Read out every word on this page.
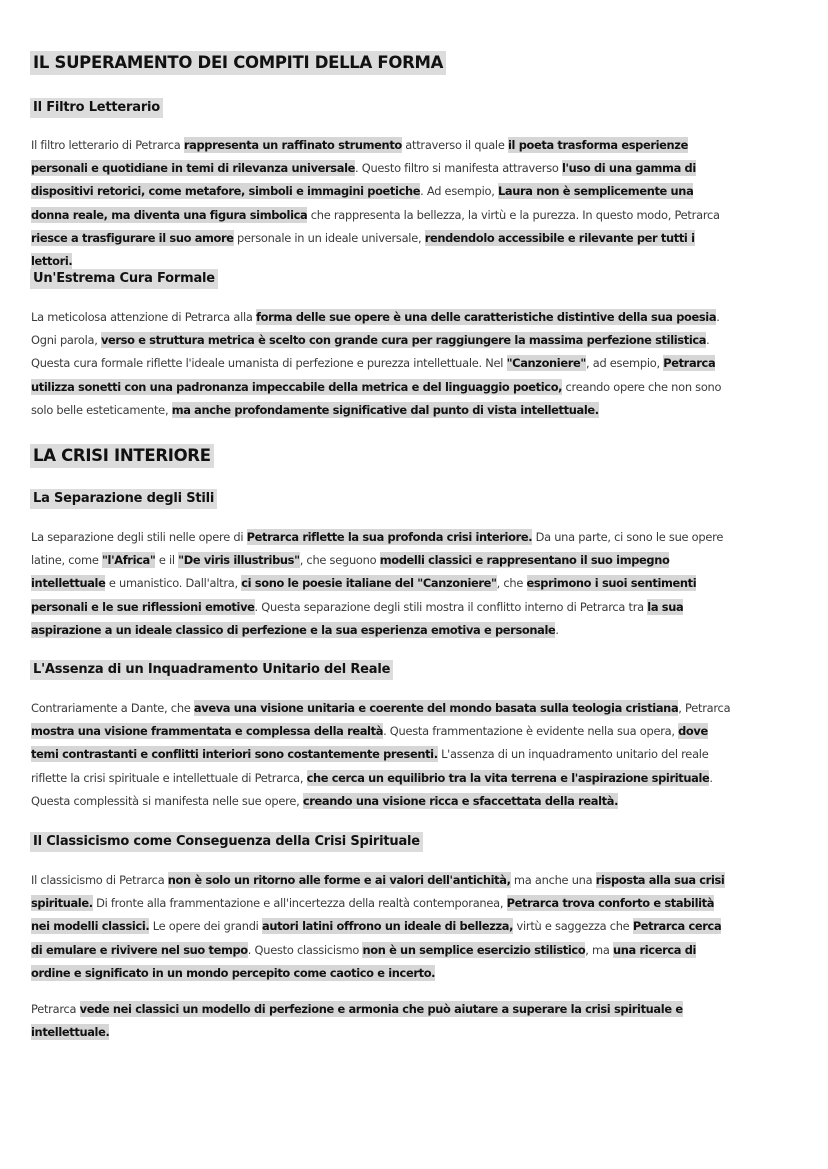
IL SUPERAMENTO DEI COMPITI DELLA FORMA
Il Filtro Letterario

Il filtro letterario di Petrarca rappresenta un raffinato strumento attraverso il quale il poeta trasforma esperienze personali e quotidiane in temi di rilevanza universale. Questo filtro si manifesta attraverso l'uso di una gamma di dispositivi retorici, come metafore, simboli e immagini poetiche. Ad esempio, Laura non è semplicemente una donna reale, ma diventa una figura simbolica che rappresenta la bellezza, la virtù e la purezza. In questo modo, Petrarca riesce a trasfigurare il suo amore personale in un ideale universale, rendendolo accessibile e rilevante per tutti i lettori.

Un'Estrema Cura Formale

La meticolosa attenzione di Petrarca alla forma delle sue opere è una delle caratteristiche distintive della sua poesia. Ogni parola, verso e struttura metrica è scelto con grande cura per raggiungere la massima perfezione stilistica. Questa cura formale riflette l'ideale umanista di perfezione e purezza intellettuale. Nel "Canzoniere", ad esempio, Petrarca utilizza sonetti con una padronanza impeccabile della metrica e del linguaggio poetico, creando opere che non sono solo belle esteticamente, ma anche profondamente significative dal punto di vista intellettuale.

LA CRISI INTERIORE
La Separazione degli Stili

La separazione degli stili nelle opere di Petrarca riflette la sua profonda crisi interiore. Da una parte, ci sono le sue opere latine, come "l'Africa" e il "De viris illustribus", che seguono modelli classici e rappresentano il suo impegno intellettuale e umanistico. Dall'altra, ci sono le poesie italiane del "Canzoniere", che esprimono i suoi sentimenti personali e le sue riflessioni emotive. Questa separazione degli stili mostra il conflitto interno di Petrarca tra la sua aspirazione a un ideale classico di perfezione e la sua esperienza emotiva e personale.

L'Assenza di un Inquadramento Unitario del Reale

Contrariamente a Dante, che aveva una visione unitaria e coerente del mondo basata sulla teologia cristiana, Petrarca mostra una visione frammentata e complessa della realtà. Questa frammentazione è evidente nella sua opera, dove temi contrastanti e conflitti interiori sono costantemente presenti. L'assenza di un inquadramento unitario del reale riflette la crisi spirituale e intellettuale di Petrarca, che cerca un equilibrio tra la vita terrena e l'aspirazione spirituale. Questa complessità si manifesta nelle sue opere, creando una visione ricca e sfaccettata della realtà.

Il Classicismo come Conseguenza della Crisi Spirituale

Il classicismo di Petrarca non è solo un ritorno alle forme e ai valori dell'antichità, ma anche una risposta alla sua crisi spirituale. Di fronte alla frammentazione e all'incertezza della realtà contemporanea, Petrarca trova conforto e stabilità nei modelli classici. Le opere dei grandi autori latini offrono un ideale di bellezza, virtù e saggezza che Petrarca cerca di emulare e rivivere nel suo tempo. Questo classicismo non è un semplice esercizio stilistico, ma una ricerca di ordine e significato in un mondo percepito come caotico e incerto.

Petrarca vede nei classici un modello di perfezione e armonia che può aiutare a superare la crisi spirituale e intellettuale.
